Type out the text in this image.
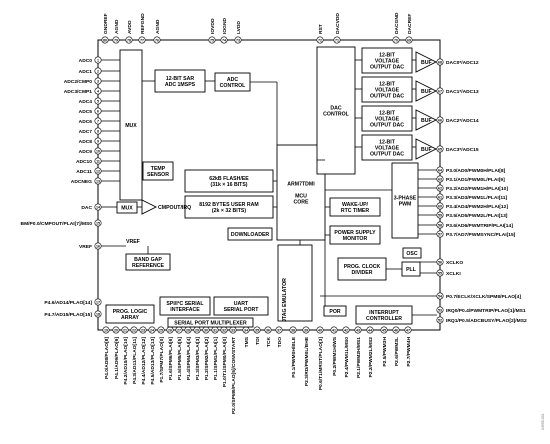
1
ADC0
2
ADC1
3
ADC2/CMP0
4
ADC3/CMP1
5
ADC4
6
ADC5
7
ADC6
8
ADC7
9
ADC8
10
ADC9
11
ADC10
12
ADC11
13
ADCNEG
14
DAC
15
BM/P0.0/CMPOUT/PLAI[7]/MS0
16
VREF
17
P4.6/AD14/PLAO[14]
18
P4.7/AD15/PLAO[15]
80
GNDREF
79
AGND
78
AVDD
77
REFGND
76
AGND
75
IOVDD
74
IOGND
73
LVDD
72
RST
71
DACVDD
70
DACGND
69
DACREF
68 DAC0*/ADC12
67 DAC1*/ADC13
66 DAC2*/ADC14
65 DAC3*/ADC15
64 P3.0/AD0/PWM0H/PLAI[8]
63 P3.1/AD1/PWM0L/PLAI[9]
62 P3.2/AD2/PWM1H/PLAI[10]
61 P3.3/AD3/PWM1L/PLAI[11]
60 P3.4/AD4/PWM2H/PLAI[12]
59 P3.5/AD5/PWM2L/PLAI[13]
58 P3.6/AD6/PWMTRIP/PLAI[14]
57 P3.7/AD7/PWMSYNC/PLAI[15]
56 XCLKO
55 XCLKI
54 P0.7/ECLK/XCLK/SPM8/PLAO[4]
53 IRQ0/P0.4/PWMTRIP/PLAO[1]/MS1
52 IRQ1/P0.5/ADCBUSY/PLAO[2]/MS2
19
P4.0/AD8/PLAO[8]
20
P4.1/AD9/PLAO[9]
21
P4.2/AD10/PLAO[10]
22
P4.3/AD11/PLAO[11]
23
P4.4/AD12/PLAO[12]
24
P4.5/AD13/PLAO[13]
25
P1.7/SPM7/PLAO[0]
26
P1.6/SPM6/PLAI[6]
27
P1.5/SPM5/PLAI[5]
28
P1.4/SPM4/PLAI[4]
29
P1.3/SPM3/PLAI[3]
30
P1.2/SPM2/PLAI[2]
31
P1.1/SPM1/PLAI[1]
32
P1.0/T1/SPM0/PLAI[0]
33
P2.0/SPM9/PLAO[5]/CONVSTART
34
TMS
35
TDI
36
TCK
37
TDO
38
P0.1/PWM0H/BLE
39
P2.3/RD/PWM0L/BHE
40
P0.6/T1/MRST/PLAO[3]
41
P0.2/PWM1H/WS
42
P2.4/PWM1L/MS0
43
P2.1/PWM2H/MS1
44
P2.2/PWM2L/MS2
45
P2.5/PWM3H
46
P2.6/PWM3L
47
P2.7/PWM4H
MUX
12-BIT SAR
ADC 1MSPS
ADC
CONTROL
TEMP
SENSOR
MUX
62kB FLASH/EE
(31k × 16 BITS)
8192 BYTES USER RAM
(2k × 32 BITS)
ARM7TDMI
MCU
CORE
DAC
CONTROL
12-BIT
VOLTAGE
OUTPUT DAC
BUF
12-BIT
VOLTAGE
OUTPUT DAC
BUF
12-BIT
VOLTAGE
OUTPUT DAC
BUF
12-BIT
VOLTAGE
OUTPUT DAC
BUF
3-PHASE
PWM
WAKE-UP/
RTC TIMER
POWER SUPPLY
MONITOR
DOWNLOADER
BAND GAP
REFERENCE	PROG. CLOCK
DIVIDER
OSC
PLL
PROG. LOGIC
ARRAY
SPI/I²C SERIAL
INTERFACE
UART
SERIAL PORT
SERIAL PORT MULTIPLEXER
POR	INTERRUPT
CONTROLLER
JTAG EMULATOR
CMPOUT/IRQ
VREF
04955-001
